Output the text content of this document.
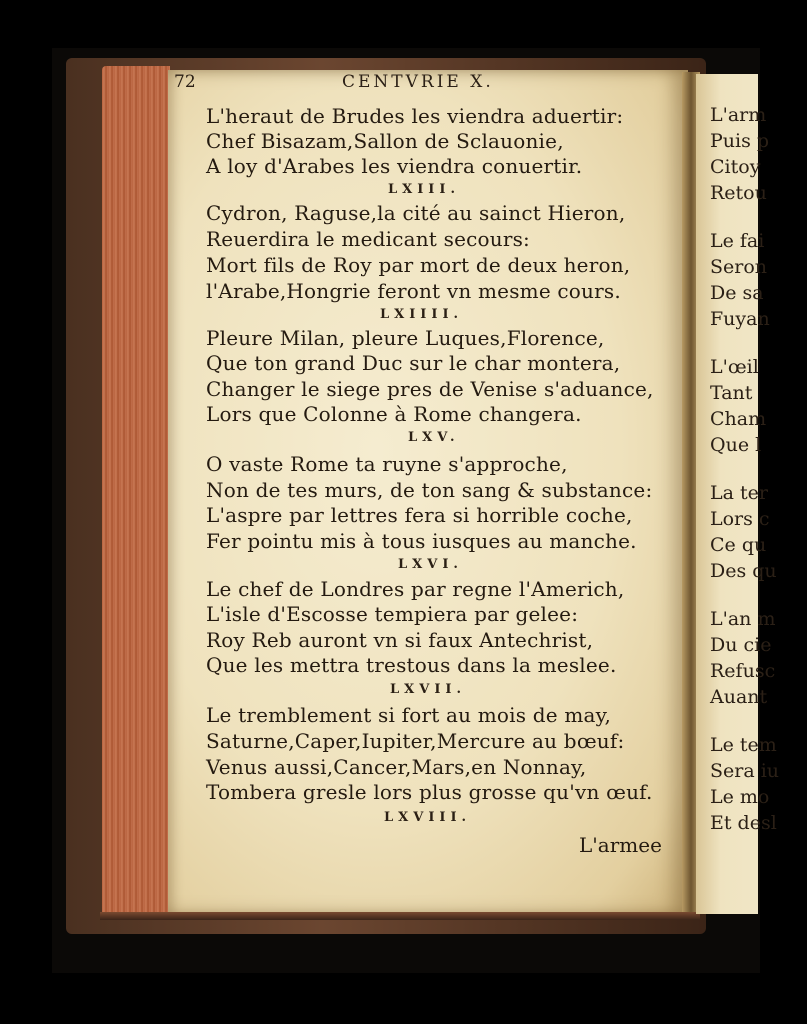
L'arm
Puis p
Citoy
Retou
Le fai
Seron
De sa
Fuyan
L'œil
Tant
Cham
Que l
La ter
Lors c
Ce qu
Des qu
L'an m
Du cie
Refusc
Auant
Le tem
Sera iu
Le mo
Et desl
72	CENTVRIE X.
L'heraut de Brudes les viendra aduertir:
Chef Bisazam,Sallon de Sclauonie,
A loy d'Arabes les viendra conuertir.
LXIII.
Cydron, Raguse,la cité au sainct Hieron,
Reuerdira le medicant secours:
Mort fils de Roy par mort de deux heron,
l'Arabe,Hongrie feront vn mesme cours.
LXIIII.
Pleure Milan, pleure Luques,Florence,
Que ton grand Duc sur le char montera,
Changer le siege pres de Venise s'aduance,
Lors que Colonne à Rome changera.
LXV.
O vaste Rome ta ruyne s'approche,
Non de tes murs, de ton sang & substance:
L'aspre par lettres fera si horrible coche,
Fer pointu mis à tous iusques au manche.
LXVI.
Le chef de Londres par regne l'Americh,
L'isle d'Escosse tempiera par gelee:
Roy Reb auront vn si faux Antechrist,
Que les mettra trestous dans la meslee.
LXVII.
Le tremblement si fort au mois de may,
Saturne,Caper,Iupiter,Mercure au bœuf:
Venus aussi,Cancer,Mars,en Nonnay,
Tombera gresle lors plus grosse qu'vn œuf.
LXVIII.
L'armee
